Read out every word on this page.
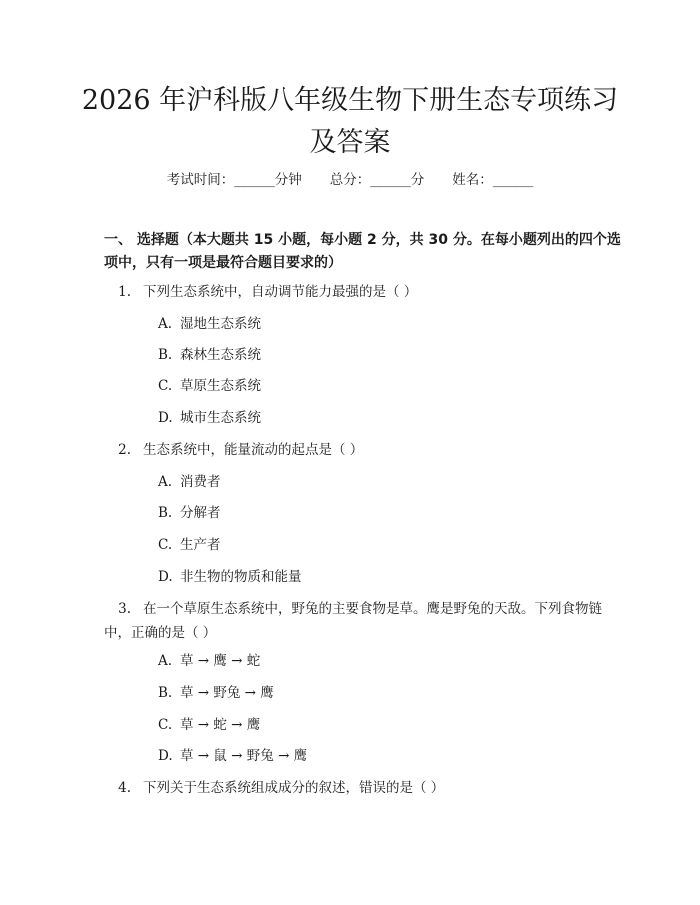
2026 年沪科版八年级生物下册生态专项练习
及答案
考试时间：______分钟 总分：______分 姓名：______
一、 选择题（本大题共 15 小题，每小题 2 分，共 30 分。在每小题列出的四个选项中，只有一项是最符合题目要求的）
1. 下列生态系统中，自动调节能力最强的是（ ）
A. 湿地生态系统
B. 森林生态系统
C. 草原生态系统
D. 城市生态系统
2. 生态系统中，能量流动的起点是（ ）
A. 消费者
B. 分解者
C. 生产者
D. 非生物的物质和能量
3. 在一个草原生态系统中，野兔的主要食物是草。鹰是野兔的天敌。下列食物链中，正确的是（ ）
A. 草 → 鹰 → 蛇
B. 草 → 野兔 → 鹰
C. 草 → 蛇 → 鹰
D. 草 → 鼠 → 野兔 → 鹰
4. 下列关于生态系统组成成分的叙述，错误的是（ ）
